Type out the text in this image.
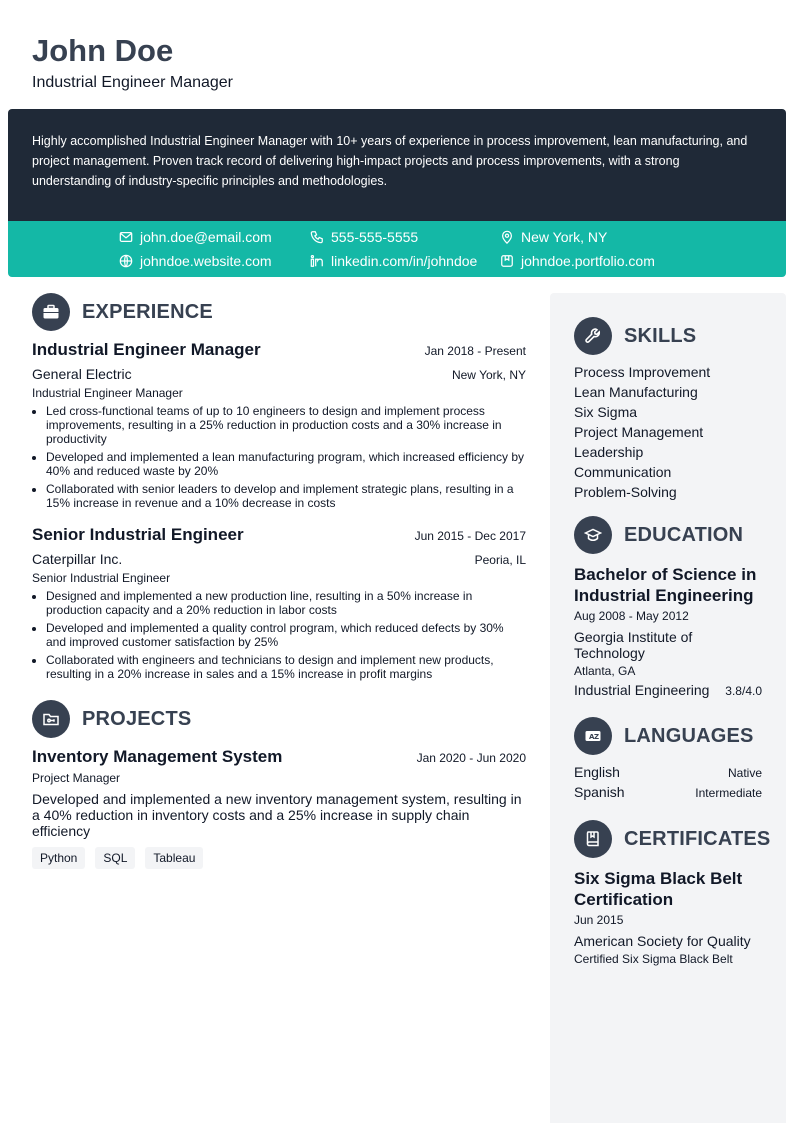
John Doe
Industrial Engineer Manager
Highly accomplished Industrial Engineer Manager with 10+ years of experience in process improvement, lean manufacturing, and project management. Proven track record of delivering high-impact projects and process improvements, with a strong understanding of industry-specific principles and methodologies.
john.doe@email.com	555-555-5555	New York, NY
johndoe.website.com	linkedin.com/in/johndoe	johndoe.portfolio.com
EXPERIENCE
Industrial Engineer Manager	Jan 2018 - Present
General Electric	New York, NY
Industrial Engineer Manager
• Led cross-functional teams of up to 10 engineers to design and implement process improvements, resulting in a 25% reduction in production costs and a 30% increase in productivity
• Developed and implemented a lean manufacturing program, which increased efficiency by 40% and reduced waste by 20%
• Collaborated with senior leaders to develop and implement strategic plans, resulting in a 15% increase in revenue and a 10% decrease in costs
Senior Industrial Engineer	Jun 2015 - Dec 2017
Caterpillar Inc.	Peoria, IL
Senior Industrial Engineer
• Designed and implemented a new production line, resulting in a 50% increase in production capacity and a 20% reduction in labor costs
• Developed and implemented a quality control program, which reduced defects by 30% and improved customer satisfaction by 25%
• Collaborated with engineers and technicians to design and implement new products, resulting in a 20% increase in sales and a 15% increase in profit margins
PROJECTS
Inventory Management System	Jan 2020 - Jun 2020
Project Manager
Developed and implemented a new inventory management system, resulting in a 40% reduction in inventory costs and a 25% increase in supply chain efficiency
Python	SQL	Tableau
SKILLS
Process Improvement
Lean Manufacturing
Six Sigma
Project Management
Leadership
Communication
Problem-Solving
EDUCATION
Bachelor of Science in Industrial Engineering
Aug 2008 - May 2012
Georgia Institute of Technology
Atlanta, GA
Industrial Engineering 3.8/4.0
A Z LANGUAGES
English	Native
Spanish	Intermediate
CERTIFICATES
Six Sigma Black Belt Certification
Jun 2015
American Society for Quality
Certified Six Sigma Black Belt
